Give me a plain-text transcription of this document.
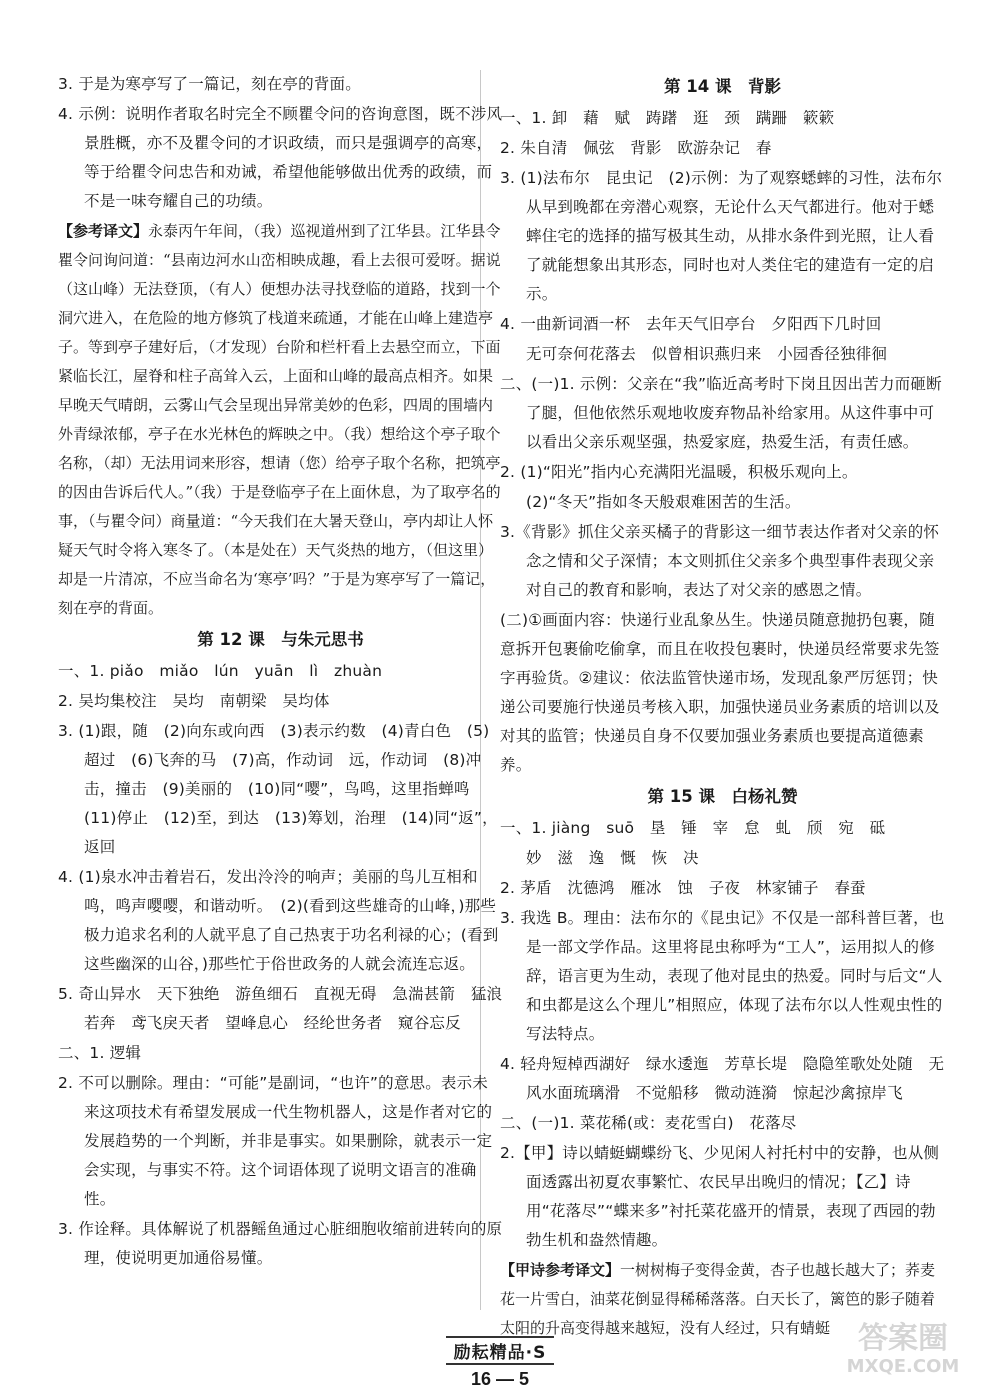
3. 于是为寒亭写了一篇记，刻在亭的背面。

4. 示例：说明作者取名时完全不顾瞿令问的咨询意图，既不涉风景胜概，亦不及瞿令问的才识政绩，而只是强调亭的高寒，等于给瞿令问忠告和劝诫，希望他能够做出优秀的政绩，而不是一味夸耀自己的功绩。

【参考译文】永泰丙午年间，（我）巡视道州到了江华县。江华县令瞿令问询问道：“县南边河水山峦相映成趣，看上去很可爱呀。据说（这山峰）无法登顶，（有人）便想办法寻找登临的道路，找到一个洞穴进入，在危险的地方修筑了栈道来疏通，才能在山峰上建造亭子。等到亭子建好后，（才发现）台阶和栏杆看上去悬空而立，下面紧临长江，屋脊和柱子高耸入云，上面和山峰的最高点相齐。如果早晚天气晴朗，云雾山气会呈现出异常美妙的色彩，四周的围墙内外青绿浓郁，亭子在水光林色的辉映之中。（我）想给这个亭子取个名称，（却）无法用词来形容，想请（您）给亭子取个名称，把筑亭的因由告诉后代人。”（我）于是登临亭子在上面休息，为了取亭名的事，（与瞿令问）商量道：“今天我们在大暑天登山，亭内却让人怀疑天气时令将入寒冬了。（本是处在）天气炎热的地方，（但这里）却是一片清凉，不应当命名为‘寒亭’吗？”于是为寒亭写了一篇记，刻在亭的背面。

第 12 课　与朱元思书

一、1. piǎo　miǎo　lún　yuān　lì　zhuàn

2. 吴均集校注　吴均　南朝梁　吴均体

3. (1)跟，随　(2)向东或向西　(3)表示约数　(4)青白色　(5)超过　(6)飞奔的马　(7)高，作动词　远，作动词　(8)冲击，撞击　(9)美丽的　(10)同“嘤”，鸟鸣，这里指蝉鸣　(11)停止　(12)至，到达　(13)筹划，治理　(14)同“返”，返回

4. (1)泉水冲击着岩石，发出泠泠的响声；美丽的鸟儿互相和鸣，鸣声嘤嘤，和谐动听。　(2)(看到这些雄奇的山峰，)那些极力追求名利的人就平息了自己热衷于功名利禄的心；(看到这些幽深的山谷，)那些忙于俗世政务的人就会流连忘返。

5. 奇山异水　天下独绝　游鱼细石　直视无碍　急湍甚箭　猛浪若奔　鸢飞戾天者　望峰息心　经纶世务者　窥谷忘反

二、1. 逻辑

2. 不可以删除。理由：“可能”是副词，“也许”的意思。表示未来这项技术有希望发展成一代生物机器人，这是作者对它的发展趋势的一个判断，并非是事实。如果删除，就表示一定会实现，与事实不符。这个词语体现了说明文语言的准确性。

3. 作诠释。具体解说了机器鳐鱼通过心脏细胞收缩前进转向的原理，使说明更加通俗易懂。

第 14 课　背影

一、1. 卸　藉　赋　踌躇　逛　颈　蹒跚　簌簌

2. 朱自清　佩弦　背影　欧游杂记　春

3. (1)法布尔　昆虫记　(2)示例：为了观察蟋蟀的习性，法布尔从早到晚都在旁潜心观察，无论什么天气都进行。他对于蟋蟀住宅的选择的描写极其生动，从排水条件到光照，让人看了就能想象出其形态，同时也对人类住宅的建造有一定的启示。

4. 一曲新词酒一杯　去年天气旧亭台　夕阳西下几时回

无可奈何花落去　似曾相识燕归来　小园香径独徘徊

二、(一)1. 示例：父亲在“我”临近高考时下岗且因出苦力而砸断了腿，但他依然乐观地收废弃物品补给家用。从这件事中可以看出父亲乐观坚强，热爱家庭，热爱生活，有责任感。

2. (1)“阳光”指内心充满阳光温暖，积极乐观向上。

(2)“冬天”指如冬天般艰难困苦的生活。

3.《背影》抓住父亲买橘子的背影这一细节表达作者对父亲的怀念之情和父子深情；本文则抓住父亲多个典型事件表现父亲对自己的教育和影响，表达了对父亲的感恩之情。

(二)①画面内容：快递行业乱象丛生。快递员随意抛扔包裹，随意拆开包裹偷吃偷拿，而且在收投包裹时，快递员经常要求先签字再验货。②建议：依法监管快递市场，发现乱象严厉惩罚；快递公司要施行快递员考核入职，加强快递员业务素质的培训以及对其的监管；快递员自身不仅要加强业务素质也要提高道德素养。

第 15 课　白杨礼赞

一、1. jiàng　suō　垦　锤　宰　怠　虬　颀　宛　砥

妙　滋　逸　慨　恢　决

2. 茅盾　沈德鸿　雁冰　蚀　子夜　林家铺子　春蚕

3. 我选 B。理由：法布尔的《昆虫记》不仅是一部科普巨著，也是一部文学作品。这里将昆虫称呼为“工人”，运用拟人的修辞，语言更为生动，表现了他对昆虫的热爱。同时与后文“人和虫都是这么个理儿”相照应，体现了法布尔以人性观虫性的写法特点。

4. 轻舟短棹西湖好　绿水逶迤　芳草长堤　隐隐笙歌处处随　无风水面琉璃滑　不觉船移　微动涟漪　惊起沙禽掠岸飞

二、(一)1. 菜花稀(或：麦花雪白)　花落尽

2.【甲】诗以蜻蜓蝴蝶纷飞、少见闲人衬托村中的安静，也从侧面透露出初夏农事繁忙、农民早出晚归的情况；【乙】诗用“花落尽”“蝶来多”衬托菜花盛开的情景，表现了西园的勃勃生机和盎然情趣。

【甲诗参考译文】一树树梅子变得金黄，杏子也越长越大了；荞麦花一片雪白，油菜花倒显得稀稀落落。白天长了，篱笆的影子随着太阳的升高变得越来越短，没有人经过，只有蜻蜓

励耘精品·S
16 — 5
答案圈
MXQE.COM
